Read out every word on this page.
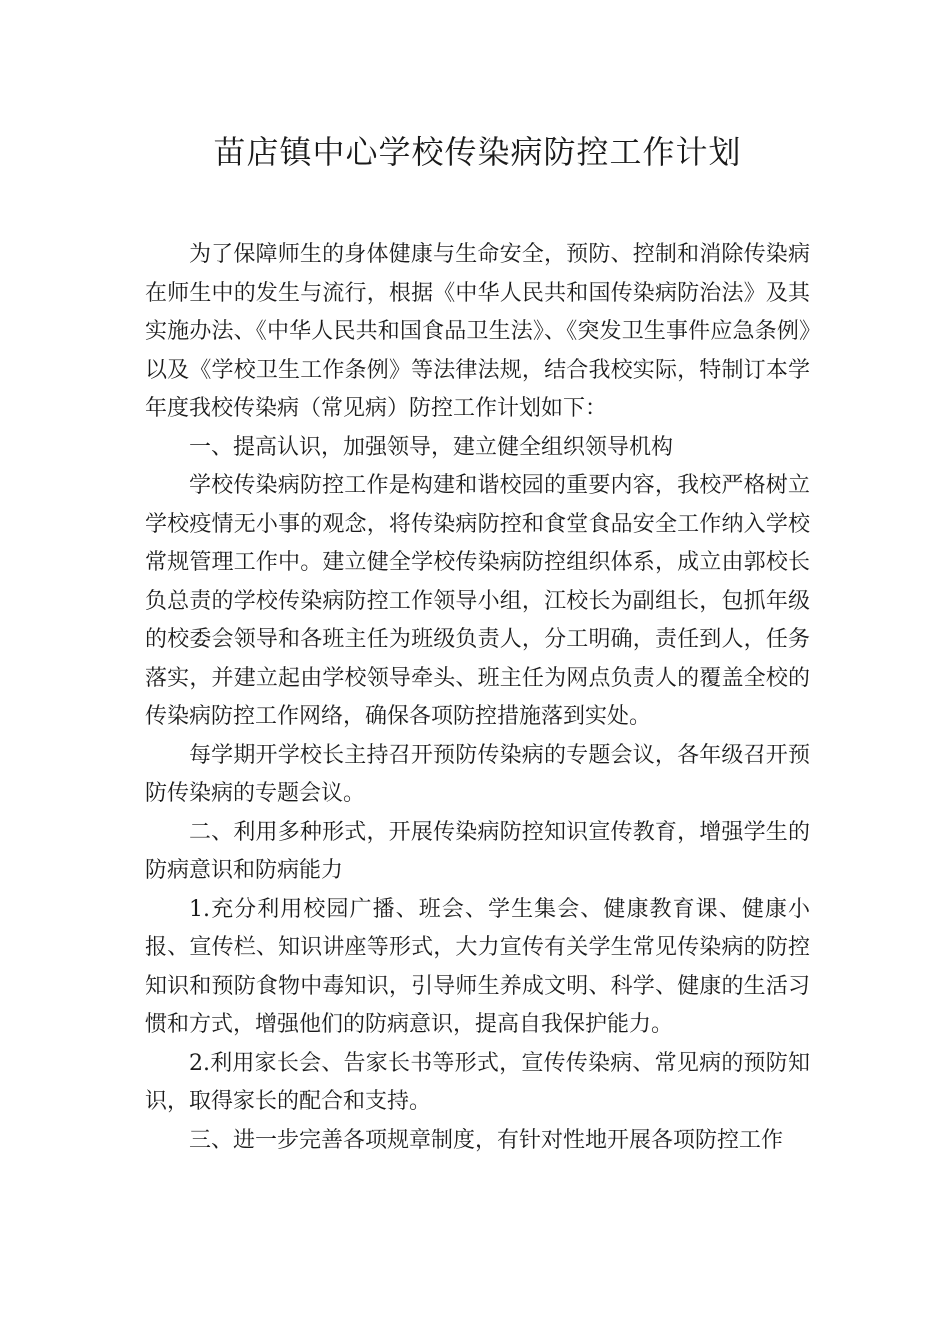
苗店镇中心学校传染病防控工作计划

为了保障师生的身体健康与生命安全，预防、控制和消除传染病在师生中的发生与流行，根据《中华人民共和国传染病防治法》及其实施办法、《中华人民共和国食品卫生法》、《突发卫生事件应急条例》以及《学校卫生工作条例》等法律法规，结合我校实际，特制订本学年度我校传染病（常见病）防控工作计划如下：

一、提高认识，加强领导，建立健全组织领导机构

学校传染病防控工作是构建和谐校园的重要内容，我校严格树立学校疫情无小事的观念，将传染病防控和食堂食品安全工作纳入学校常规管理工作中。建立健全学校传染病防控组织体系，成立由郭校长负总责的学校传染病防控工作领导小组，江校长为副组长，包抓年级的校委会领导和各班主任为班级负责人，分工明确，责任到人，任务落实，并建立起由学校领导牵头、班主任为网点负责人的覆盖全校的传染病防控工作网络，确保各项防控措施落到实处。

每学期开学校长主持召开预防传染病的专题会议，各年级召开预防传染病的专题会议。

二、利用多种形式，开展传染病防控知识宣传教育，增强学生的防病意识和防病能力

1.充分利用校园广播、班会、学生集会、健康教育课、健康小报、宣传栏、知识讲座等形式，大力宣传有关学生常见传染病的防控知识和预防食物中毒知识，引导师生养成文明、科学、健康的生活习惯和方式，增强他们的防病意识，提高自我保护能力。

2.利用家长会、告家长书等形式，宣传传染病、常见病的预防知识，取得家长的配合和支持。

三、进一步完善各项规章制度，有针对性地开展各项防控工作
